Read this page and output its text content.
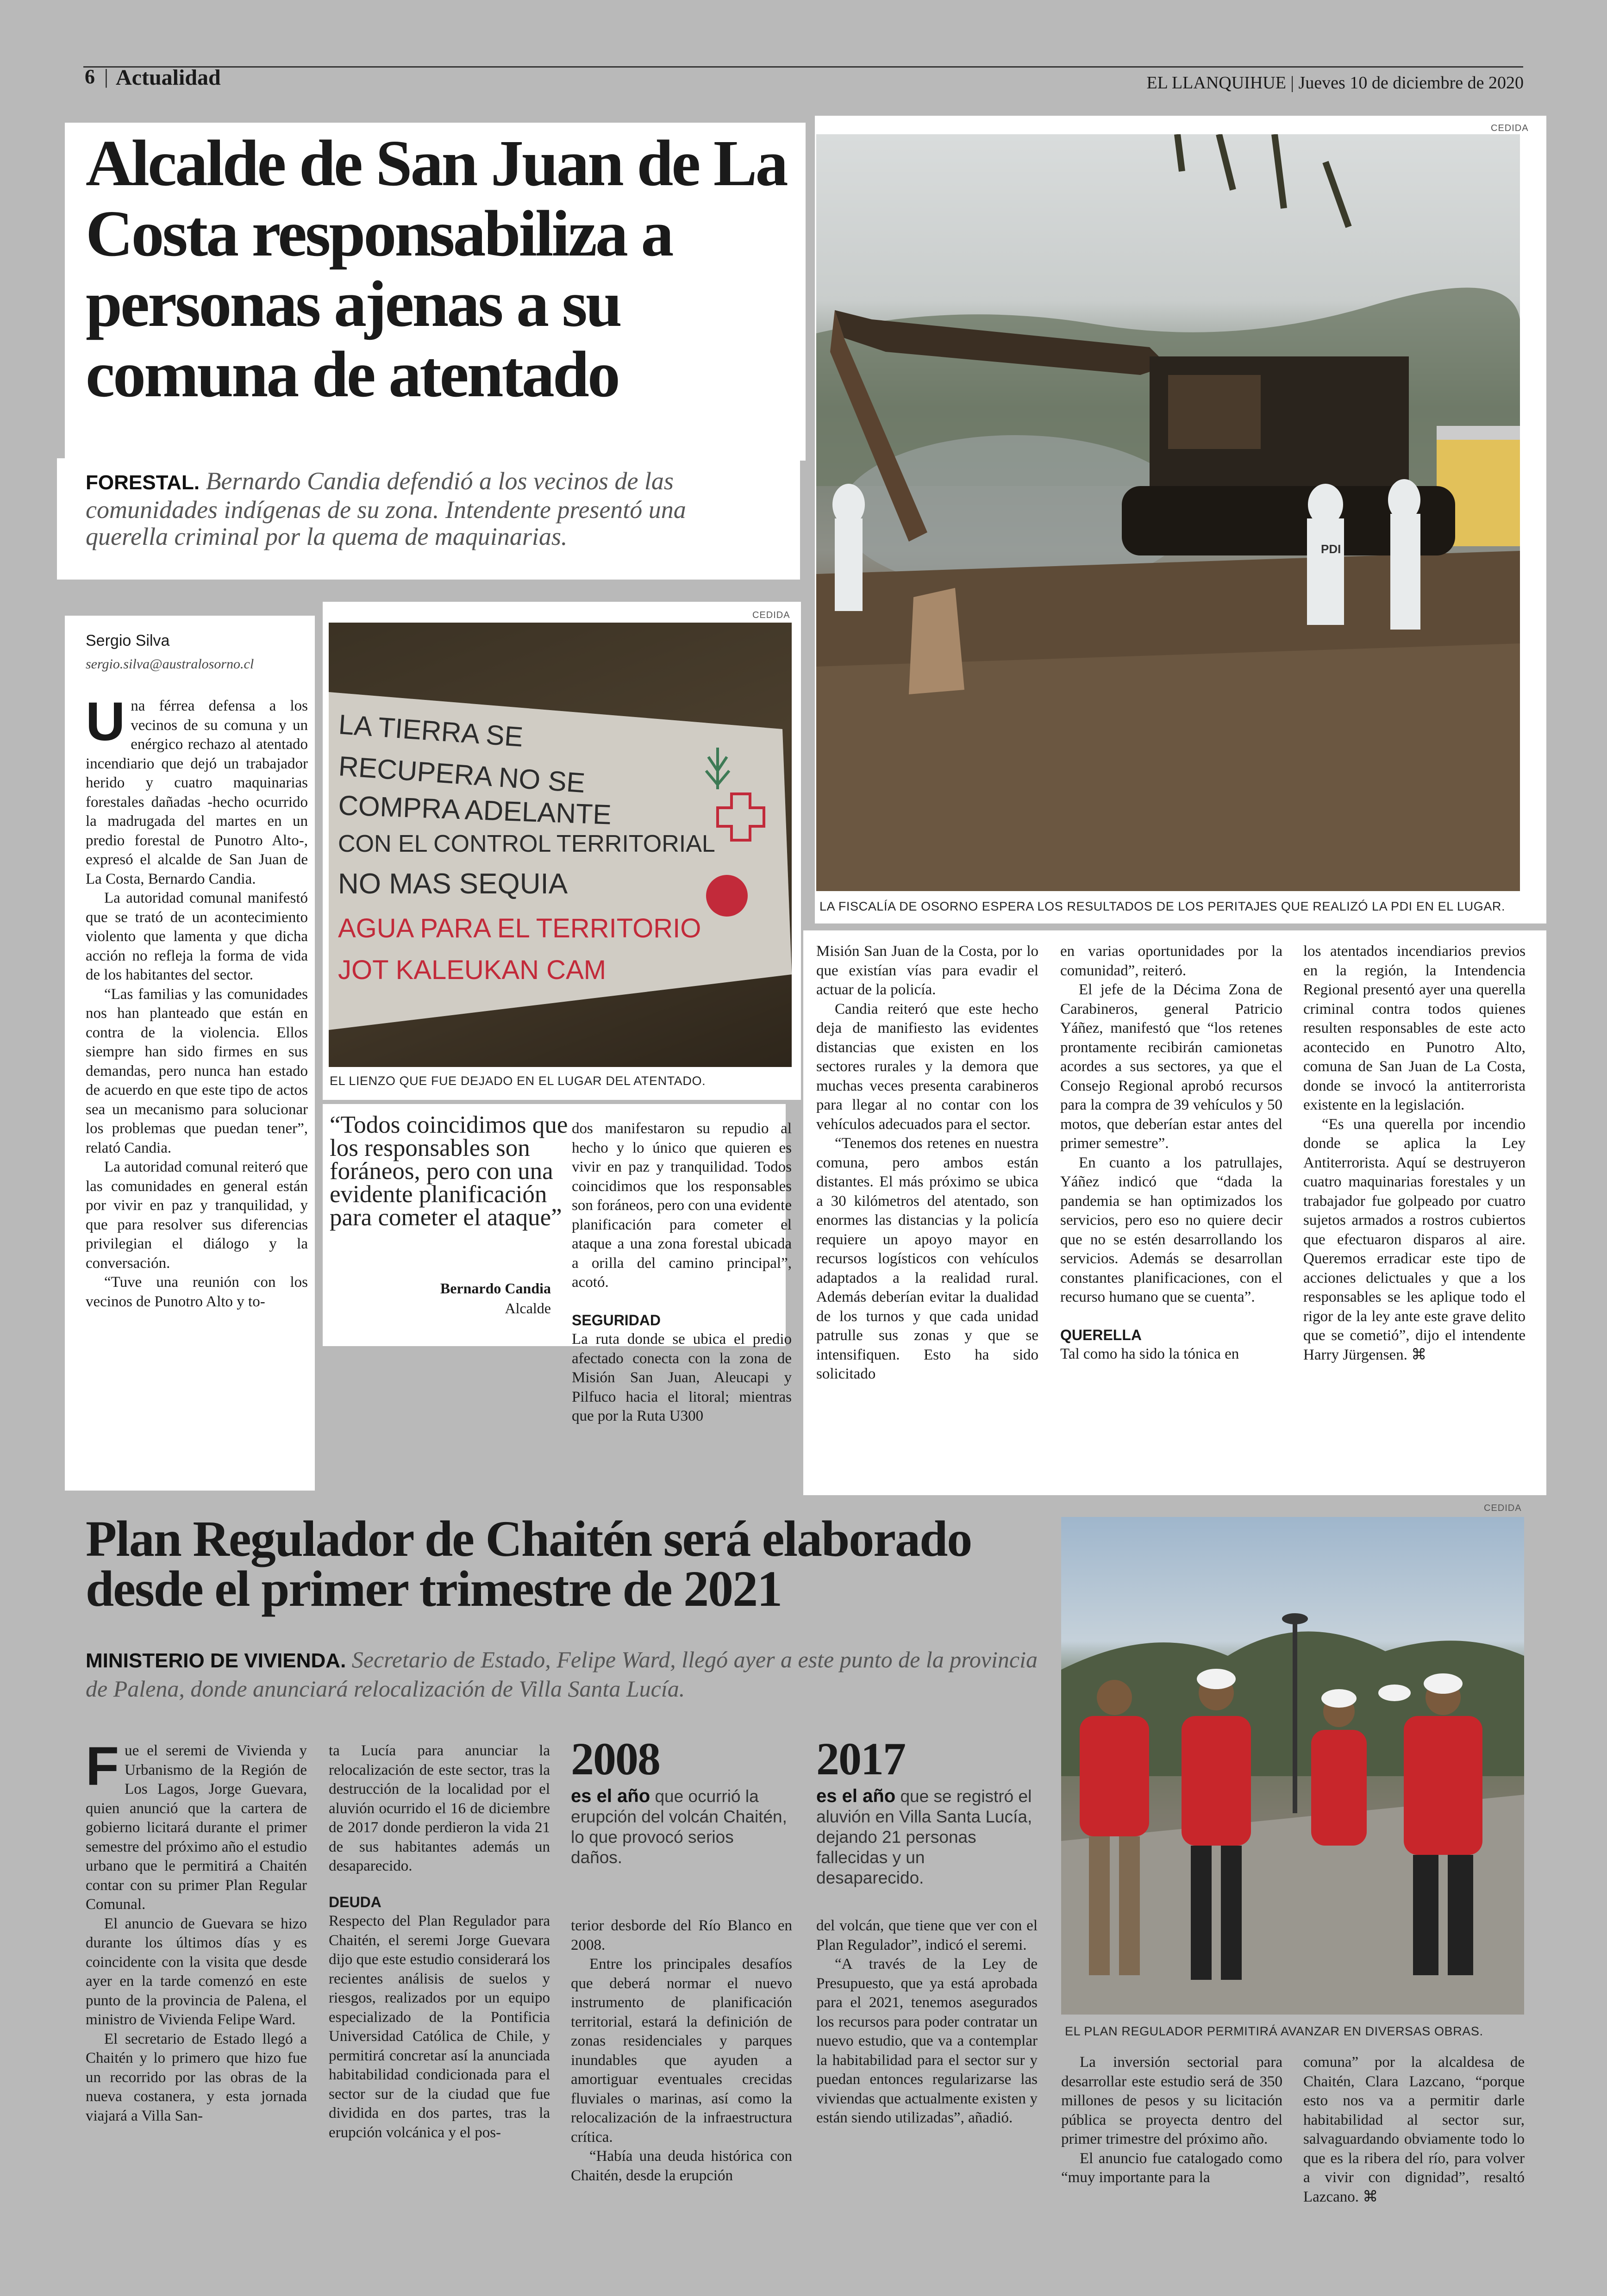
6 | Actualidad	EL LLANQUIHUE | Jueves 10 de diciembre de 2020
Alcalde de San Juan de La Costa responsabiliza a personas ajenas a su comuna de atentado
FORESTAL. Bernardo Candia defendió a los vecinos de las comunidades indígenas de su zona. Intendente presentó una querella criminal por la quema de maquinarias.
CEDIDA
PDI
LA FISCALÍA DE OSORNO ESPERA LOS RESULTADOS DE LOS PERITAJES QUE REALIZÓ LA PDI EN EL LUGAR.
CEDIDA
LA TIERRA SE
RECUPERA NO SE
COMPRA ADELANTE
CON EL CONTROL TERRITORIAL
NO MAS SEQUIA
AGUA PARA EL TERRITORIO
JOT KALEUKAN CAM
EL LIENZO QUE FUE DEJADO EN EL LUGAR DEL ATENTADO.
Sergio Silva
sergio.silva@australosorno.cl
U na férrea defensa a los vecinos de su comuna y un enérgico rechazo al atentado incendiario que dejó un trabajador herido y cuatro maquinarias forestales dañadas -hecho ocurrido la madrugada del martes en un predio forestal de Punotro Alto-, expresó el alcalde de San Juan de La Costa, Bernardo Candia.

La autoridad comunal manifestó que se trató de un acontecimiento violento que lamenta y que dicha acción no refleja la forma de vida de los habitantes del sector.

“Las familias y las comunidades nos han planteado que están en contra de la violencia. Ellos siempre han sido firmes en sus demandas, pero nunca han estado de acuerdo en que este tipo de actos sea un mecanismo para solucionar los problemas que puedan tener”, relató Candia.

La autoridad comunal reiteró que las comunidades en general están por vivir en paz y tranquilidad, y que para resolver sus diferencias privilegian el diálogo y la conversación.

“Tuve una reunión con los vecinos de Punotro Alto y to-

“Todos coincidimos que los responsables son foráneos, pero con una evidente planificación para cometer el ataque”
Bernardo Candia
Alcalde

dos manifestaron su repudio al hecho y lo único que quieren es vivir en paz y tranquilidad. Todos coincidimos que los responsables son foráneos, pero con una evidente planificación para cometer el ataque a una zona forestal ubicada a orilla del camino principal”, acotó.

SEGURIDAD

La ruta donde se ubica el predio afectado conecta con la zona de Misión San Juan, Aleucapi y Pilfuco hacia el litoral; mientras que por la Ruta U300

Misión San Juan de la Costa, por lo que existían vías para evadir el actuar de la policía.

Candia reiteró que este hecho deja de manifiesto las evidentes distancias que existen en los sectores rurales y la demora que muchas veces presenta carabineros para llegar al no contar con los vehículos adecuados para el sector.

“Tenemos dos retenes en nuestra comuna, pero ambos están distantes. El más próximo se ubica a 30 kilómetros del atentado, son enormes las distancias y la policía requiere un apoyo mayor en recursos logísticos con vehículos adaptados a la realidad rural. Además deberían evitar la dualidad de los turnos y que cada unidad patrulle sus zonas y que se intensifiquen. Esto ha sido solicitado

en varias oportunidades por la comunidad”, reiteró.

El jefe de la Décima Zona de Carabineros, general Patricio Yáñez, manifestó que “los retenes prontamente recibirán camionetas acordes a sus sectores, ya que el Consejo Regional aprobó recursos para la compra de 39 vehículos y 50 motos, que deberían estar antes del primer semestre”.

En cuanto a los patrullajes, Yáñez indicó que “dada la pandemia se han optimizados los servicios, pero eso no quiere decir que no se estén desarrollando los servicios. Además se desarrollan constantes planificaciones, con el recurso humano que se cuenta”.

QUERELLA

Tal como ha sido la tónica en

los atentados incendiarios previos en la región, la Intendencia Regional presentó ayer una querella criminal contra todos quienes resulten responsables de este acto acontecido en Punotro Alto, comuna de San Juan de La Costa, donde se invocó la antiterrorista existente en la legislación.

“Es una querella por incendio donde se aplica la Ley Antiterrorista. Aquí se destruyeron cuatro maquinarias forestales y un trabajador fue golpeado por cuatro sujetos armados a rostros cubiertos que efectuaron disparos al aire. Queremos erradicar este tipo de acciones delictuales y que a los responsables se les aplique todo el rigor de la ley ante este grave delito que se cometió”, dijo el intendente Harry Jürgensen. ⌘

Plan Regulador de Chaitén será elaborado desde el primer trimestre de 2021
MINISTERIO DE VIVIENDA. Secretario de Estado, Felipe Ward, llegó ayer a este punto de la provincia de Palena, donde anunciará relocalización de Villa Santa Lucía.
F ue el seremi de Vivienda y Urbanismo de la Región de Los Lagos, Jorge Guevara, quien anunció que la cartera de gobierno licitará durante el primer semestre del próximo año el estudio urbano que le permitirá a Chaitén contar con su primer Plan Regular Comunal.

El anuncio de Guevara se hizo durante los últimos días y es coincidente con la visita que desde ayer en la tarde comenzó en este punto de la provincia de Palena, el ministro de Vivienda Felipe Ward.

El secretario de Estado llegó a Chaitén y lo primero que hizo fue un recorrido por las obras de la nueva costanera, y esta jornada viajará a Villa San-

ta Lucía para anunciar la relocalización de este sector, tras la destrucción de la localidad por el aluvión ocurrido el 16 de diciembre de 2017 donde perdieron la vida 21 de sus habitantes además un desaparecido.

DEUDA

Respecto del Plan Regulador para Chaitén, el seremi Jorge Guevara dijo que este estudio considerará los recientes análisis de suelos y riesgos, realizados por un equipo especializado de la Pontificia Universidad Católica de Chile, y permitirá concretar así la anunciada habitabilidad condicionada para el sector sur de la ciudad que fue dividida en dos partes, tras la erupción volcánica y el pos-

2008
es el año que ocurrió la erupción del volcán Chaitén, lo que provocó serios daños.
2017
es el año que se registró el aluvión en Villa Santa Lucía, dejando 21 personas fallecidas y un desaparecido.

terior desborde del Río Blanco en 2008.

Entre los principales desafíos que deberá normar el nuevo instrumento de planificación territorial, estará la definición de zonas residenciales y parques inundables que ayuden a amortiguar eventuales crecidas fluviales o marinas, así como la relocalización de la infraestructura crítica.

“Había una deuda histórica con Chaitén, desde la erupción

del volcán, que tiene que ver con el Plan Regulador”, indicó el seremi.

“A través de la Ley de Presupuesto, que ya está aprobada para el 2021, tenemos asegurados los recursos para poder contratar un nuevo estudio, que va a contemplar la habitabilidad para el sector sur y puedan entonces regularizarse las viviendas que actualmente existen y están siendo utilizadas”, añadió.

CEDIDA
EL PLAN REGULADOR PERMITIRÁ AVANZAR EN DIVERSAS OBRAS.

La inversión sectorial para desarrollar este estudio será de 350 millones de pesos y su licitación pública se proyecta dentro del primer trimestre del próximo año.

El anuncio fue catalogado como “muy importante para la

comuna” por la alcaldesa de Chaitén, Clara Lazcano, “porque esto nos va a permitir darle habitabilidad al sector sur, salvaguardando obviamente todo lo que es la ribera del río, para volver a vivir con dignidad”, resaltó Lazcano. ⌘
